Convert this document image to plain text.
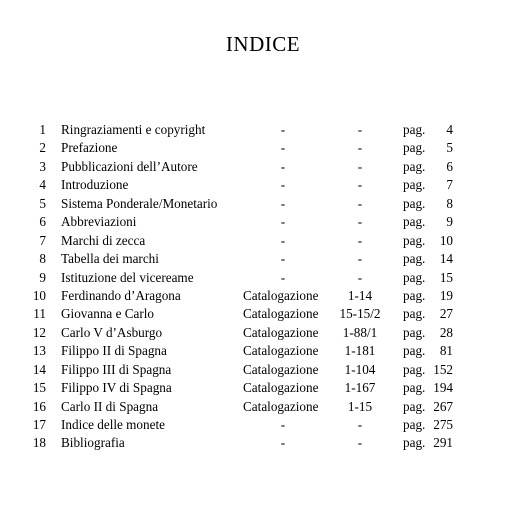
INDICE
1 Ringraziamenti e copyright	-	-	pag. 4
2 Prefazione	-	-	pag. 5
3 Pubblicazioni dell’Autore	-	-	pag. 6
4 Introduzione	-	-	pag. 7
5 Sistema Ponderale/Monetario	-	-	pag. 8
6 Abbreviazioni	-	-	pag. 9
7 Marchi di zecca	-	-	pag. 10
8 Tabella dei marchi	-	-	pag. 14
9 Istituzione del vicereame	-	-	pag. 15
10 Ferdinando d’Aragona	Catalogazione 1-14 pag. 19
11 Giovanna e Carlo	Catalogazione 15-15/2 pag. 27
12 Carlo V d’Asburgo	Catalogazione 1-88/1 pag. 28
13 Filippo II di Spagna	Catalogazione 1-181 pag. 81
14 Filippo III di Spagna	Catalogazione 1-104 pag. 152
15 Filippo IV di Spagna	Catalogazione 1-167 pag. 194
16 Carlo II di Spagna	Catalogazione 1-15 pag. 267
17 Indice delle monete	-	-	pag. 275
18 Bibliografia	-	-	pag. 291
